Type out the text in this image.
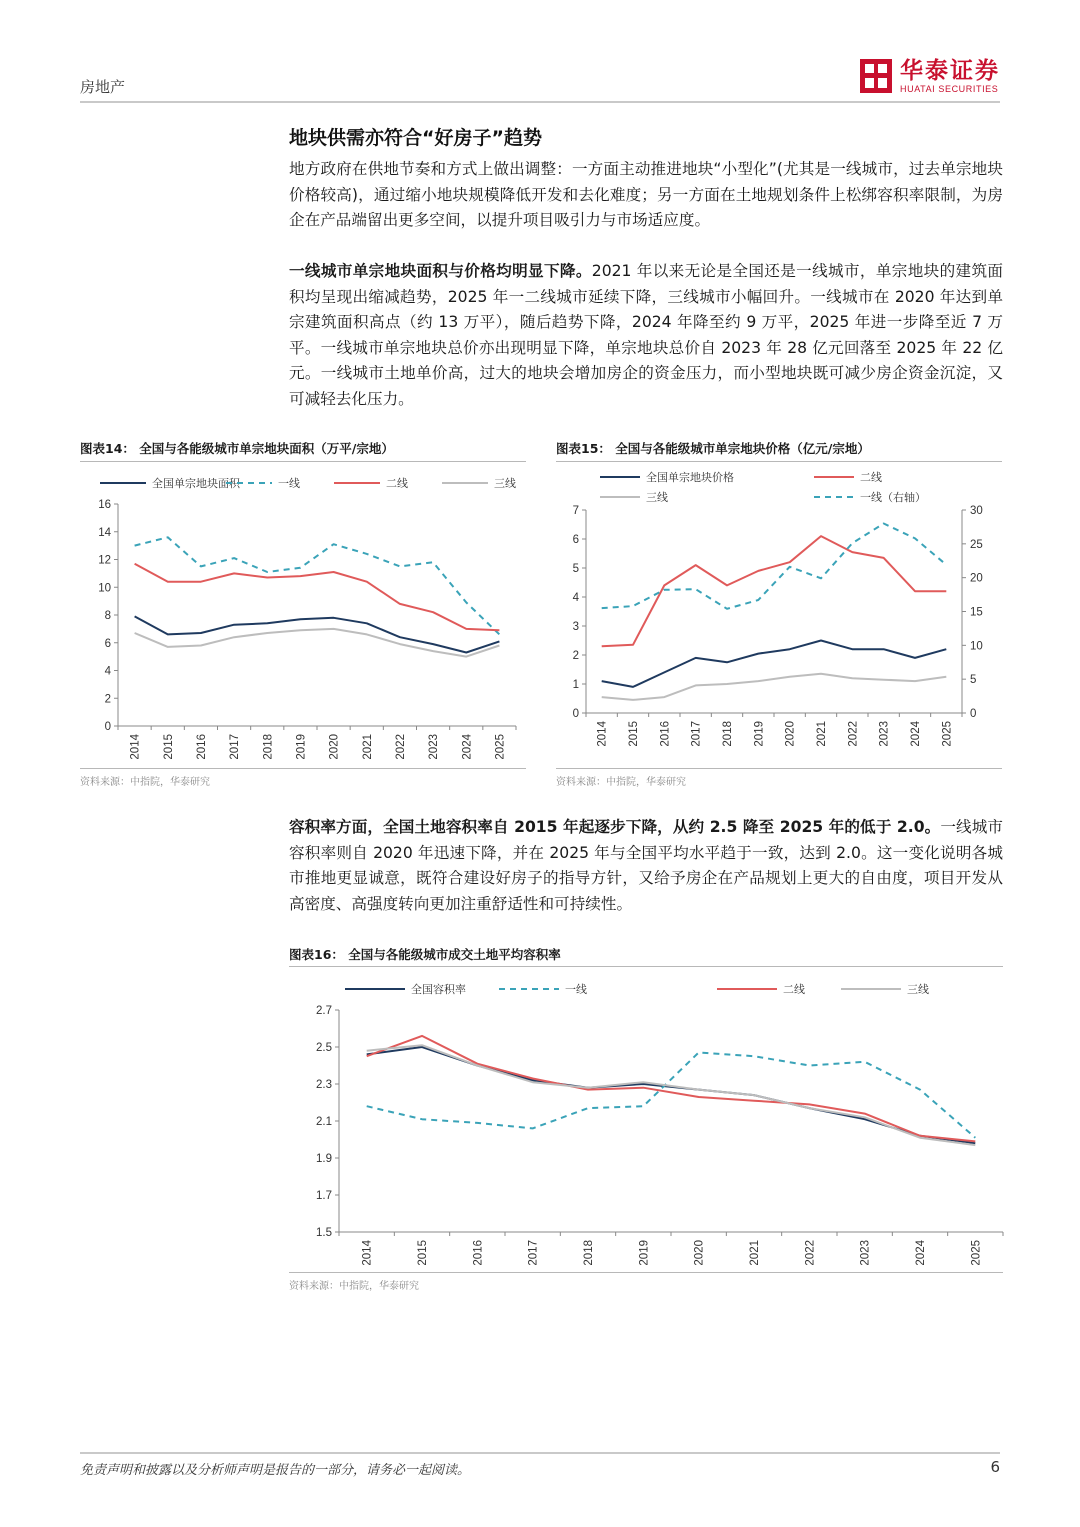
房地产
华泰证券
HUATAI SECURITIES
地块供需亦符合“好房子”趋势
地方政府在供地节奏和方式上做出调整：一方面主动推进地块“小型化”(尤其是一线城市，过去单宗地块价格较高)，通过缩小地块规模降低开发和去化难度；另一方面在土地规划条件上松绑容积率限制，为房企在产品端留出更多空间，以提升项目吸引力与市场适应度。
一线城市单宗地块面积与价格均明显下降。2021 年以来无论是全国还是一线城市，单宗地块的建筑面积均呈现出缩减趋势，2025 年一二线城市延续下降，三线城市小幅回升。一线城市在 2020 年达到单宗建筑面积高点（约 13 万平），随后趋势下降，2024 年降至约 9 万平，2025 年进一步降至近 7 万平。一线城市单宗地块总价亦出现明显下降，单宗地块总价自 2023 年 28 亿元回落至 2025 年 22 亿元。一线城市土地单价高，过大的地块会增加房企的资金压力，而小型地块既可减少房企资金沉淀，又可减轻去化压力。
图表14： 全国与各能级城市单宗地块面积（万平/宗地）
0
2
4
6
8
10
12
14
16
2014 2015 2016 2017 2018 2019 2020 2021 2022 2023 2024 2025
全国单宗地块面积	一线	二线	三线
资料来源：中指院，华泰研究
图表15： 全国与各能级城市单宗地块价格（亿元/宗地）
0
1
2
3
4
5
6
7
0
5
10
15
20
25
30
2014 2015 2016 2017 2018 2019 2020 2021 2022 2023 2024 2025
全国单宗地块价格	二线
三线	一线（右轴）
资料来源：中指院，华泰研究
容积率方面，全国土地容积率自 2015 年起逐步下降，从约 2.5 降至 2025 年的低于 2.0。一线城市容积率则自 2020 年迅速下降，并在 2025 年与全国平均水平趋于一致，达到 2.0。这一变化说明各城市推地更显诚意，既符合建设好房子的指导方针，又给予房企在产品规划上更大的自由度，项目开发从高密度、高强度转向更加注重舒适性和可持续性。
图表16： 全国与各能级城市成交土地平均容积率
1.5
1.7
1.9
2.1
2.3
2.5
2.7
2014	2015	2016	2017	2018	2019	2020	2021	2022	2023	2024	2025
全国容积率	一线	二线	三线
资料来源：中指院，华泰研究
免责声明和披露以及分析师声明是报告的一部分，请务必一起阅读。	6
